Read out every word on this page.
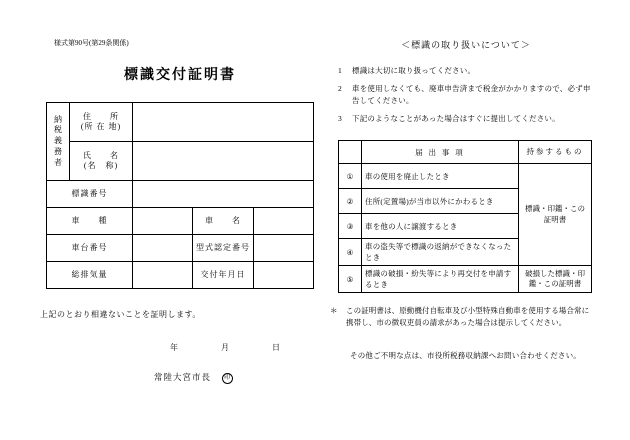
様式第90号(第29条関係)
標識交付証明書
納
税
義
務
者

住　　所
(所 在 地)

	氏　　名
(名　称)			

標識番号				
車　　種			車　　名	
車台番号			型式認定番号	
総排気量			交付年月日	
上記のとおり相違ないことを証明します。
年	月	日
常陸大宮市長 印
＜標識の取り扱いについて＞
1	標識は大切に取り扱ってください。
2	車を使用しなくても、廃車申告済まで税金がかかりますので、必ず申告してください。
3	下記のようなことがあった場合はすぐに提出してください。
	届 出 事 項	持参するもの
①	車の使用を廃止したとき	標識・印鑑・この証明書
②	住所(定置場)が当市以外にかわるとき	
③	車を他の人に譲渡するとき	
④	車の盗失等で標識の返納ができなくなったとき	
⑤	標識の破損・紛失等により再交付を申請するとき	破損した標識・印鑑・この証明書
＊ この証明書は、原動機付自転車及び小型特殊自動車を使用する場合常に携帯し、市の徴収吏員の請求があった場合は提示してください。
その他ご不明な点は、市役所税務収納課へお問い合わせください。
